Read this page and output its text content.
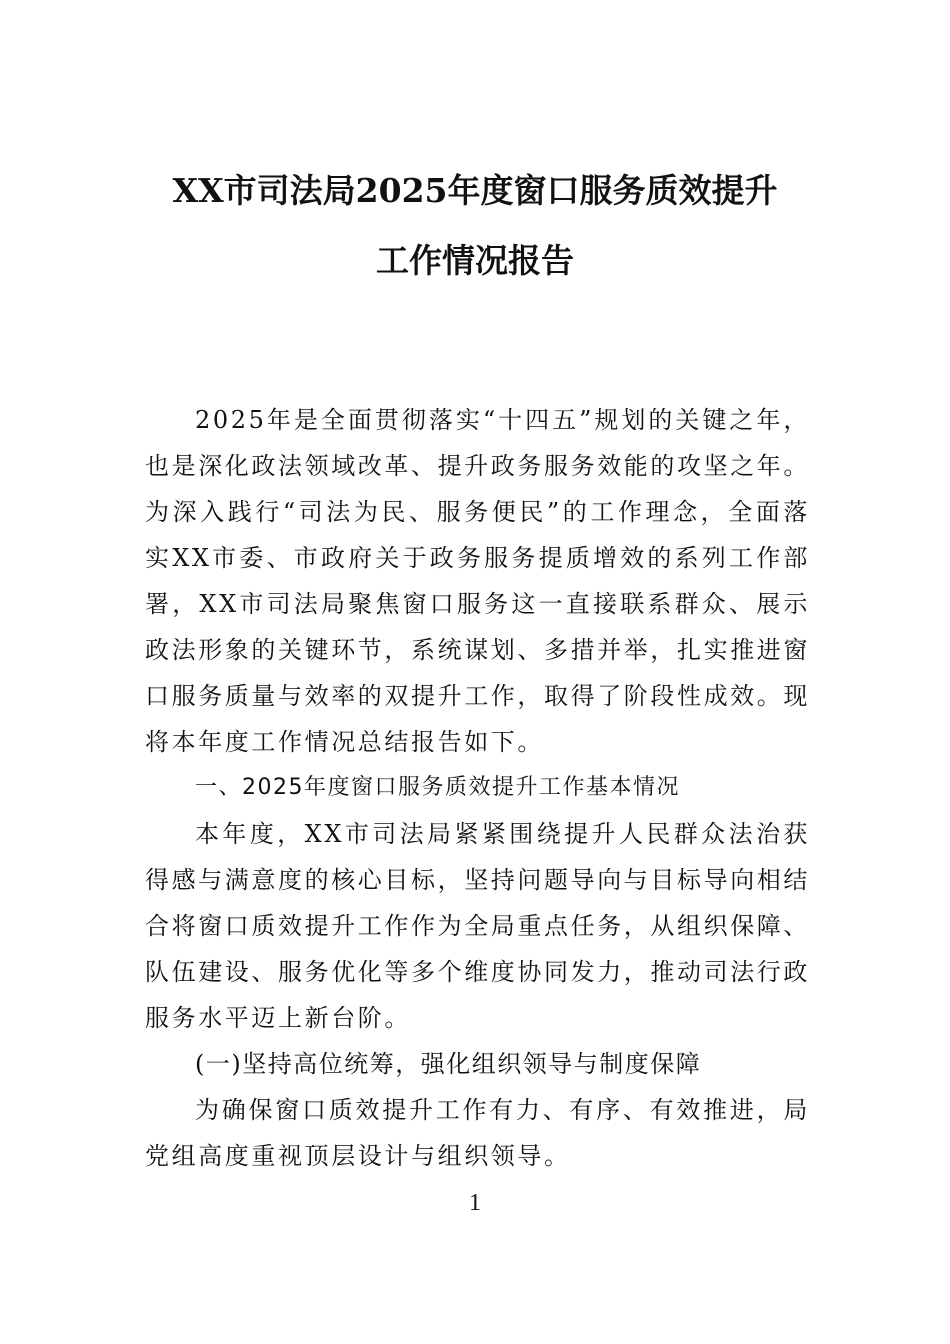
XX市司法局2025年度窗口服务质效提升
工作情况报告

2025年是全面贯彻落实“十四五”规划的关键之年，也是深化政法领域改革、提升政务服务效能的攻坚之年。为深入践行“司法为民、服务便民”的工作理念，全面落实XX市委、市政府关于政务服务提质增效的系列工作部署，XX市司法局聚焦窗口服务这一直接联系群众、展示政法形象的关键环节，系统谋划、多措并举，扎实推进窗口服务质量与效率的双提升工作，取得了阶段性成效。现将本年度工作情况总结报告如下。

一、2025年度窗口服务质效提升工作基本情况

本年度，XX市司法局紧紧围绕提升人民群众法治获得感与满意度的核心目标，坚持问题导向与目标导向相结合将窗口质效提升工作作为全局重点任务，从组织保障、队伍建设、服务优化等多个维度协同发力，推动司法行政服务水平迈上新台阶。

(一)坚持高位统筹，强化组织领导与制度保障

为确保窗口质效提升工作有力、有序、有效推进，局党组高度重视顶层设计与组织领导。

1
